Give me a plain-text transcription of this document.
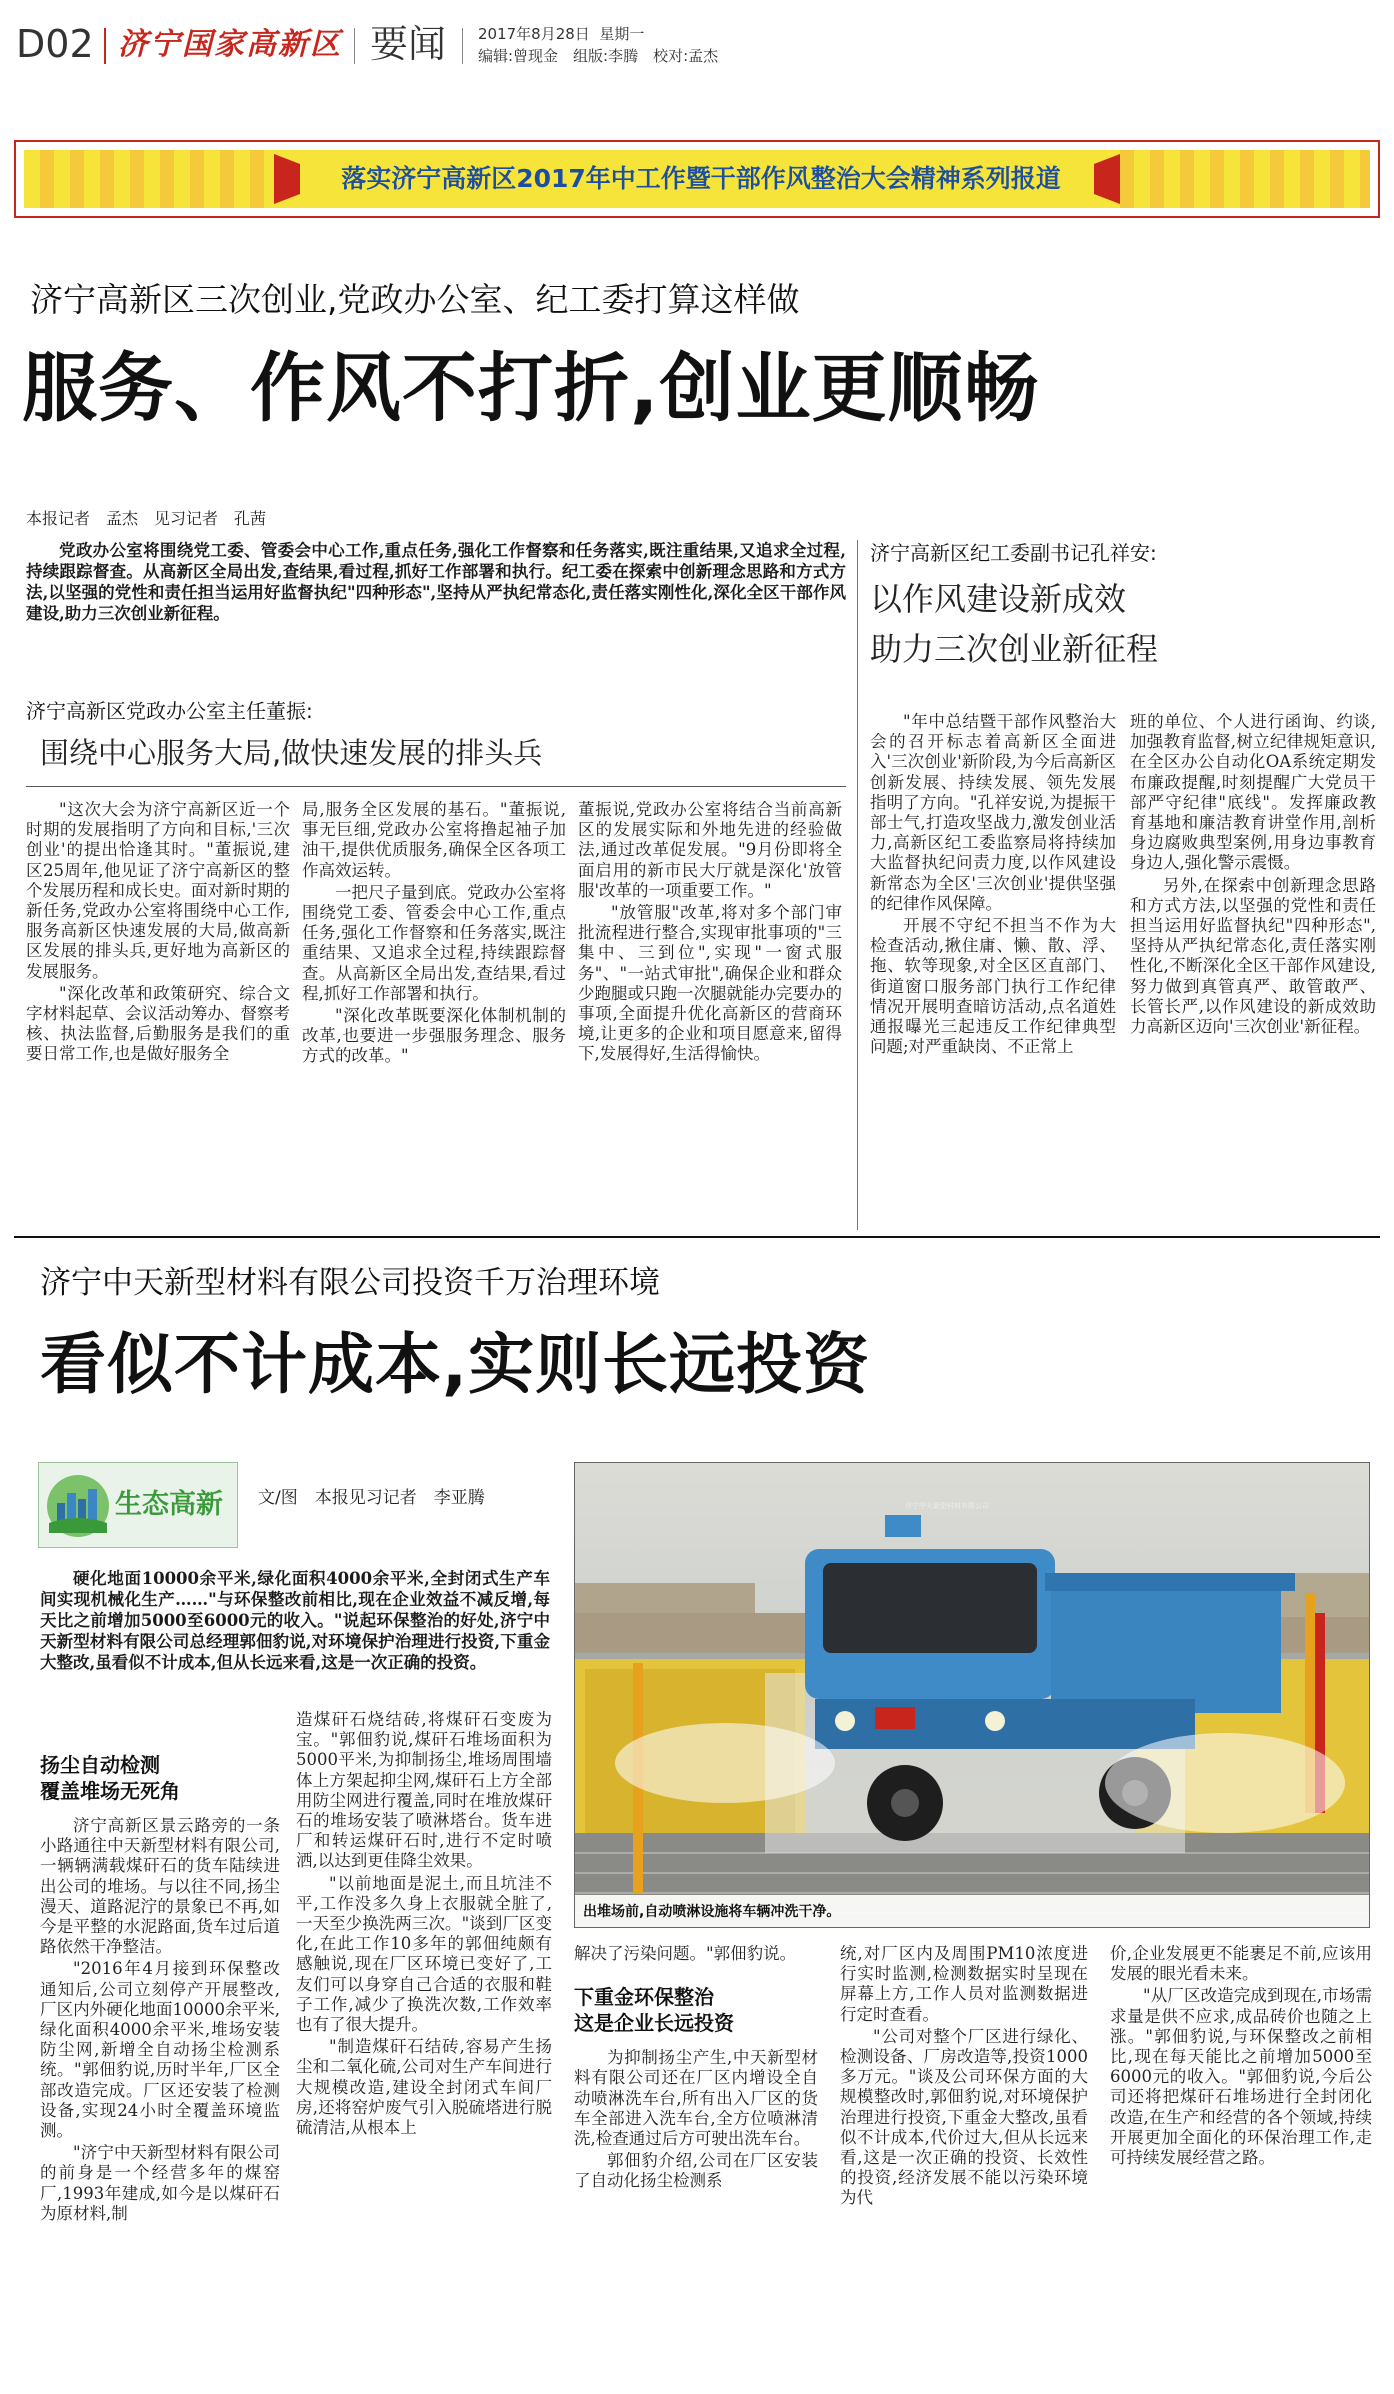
D02 济宁国家高新区 要闻 2017年8月28日 星期一
编辑:曾现金　组版:李腾　校对:孟杰
落实济宁高新区2017年中工作暨干部作风整治大会精神系列报道
济宁高新区三次创业,党政办公室、纪工委打算这样做
服务、作风不打折,创业更顺畅
本报记者　孟杰　见习记者　孔茜

党政办公室将围绕党工委、管委会中心工作,重点任务,强化工作督察和任务落实,既注重结果,又追求全过程,持续跟踪督查。从高新区全局出发,查结果,看过程,抓好工作部署和执行。纪工委在探索中创新理念思路和方式方法,以坚强的党性和责任担当运用好监督执纪"四种形态",坚持从严执纪常态化,责任落实刚性化,深化全区干部作风建设,助力三次创业新征程。

济宁高新区党政办公室主任董振:
围绕中心服务大局,做快速发展的排头兵
济宁高新区纪工委副书记孔祥安:
以作风建设新成效
助力三次创业新征程

"这次大会为济宁高新区近一个时期的发展指明了方向和目标,'三次创业'的提出恰逢其时。"董振说,建区25周年,他见证了济宁高新区的整个发展历程和成长史。面对新时期的新任务,党政办公室将围绕中心工作,服务高新区快速发展的大局,做高新区发展的排头兵,更好地为高新区的发展服务。

"深化改革和政策研究、综合文字材料起草、会议活动筹办、督察考核、执法监督,后勤服务是我们的重要日常工作,也是做好服务全

局,服务全区发展的基石。"董振说,事无巨细,党政办公室将撸起袖子加油干,提供优质服务,确保全区各项工作高效运转。

一把尺子量到底。党政办公室将围绕党工委、管委会中心工作,重点任务,强化工作督察和任务落实,既注重结果、又追求全过程,持续跟踪督查。从高新区全局出发,查结果,看过程,抓好工作部署和执行。

"深化改革既要深化体制机制的改革,也要进一步强服务理念、服务方式的改革。"

董振说,党政办公室将结合当前高新区的发展实际和外地先进的经验做法,通过改革促发展。"9月份即将全面启用的新市民大厅就是深化'放管服'改革的一项重要工作。"

"放管服"改革,将对多个部门审批流程进行整合,实现审批事项的"三集中、三到位",实现"一窗式服务"、"一站式审批",确保企业和群众少跑腿或只跑一次腿就能办完要办的事项,全面提升优化高新区的营商环境,让更多的企业和项目愿意来,留得下,发展得好,生活得愉快。

"年中总结暨干部作风整治大会的召开标志着高新区全面进入'三次创业'新阶段,为今后高新区创新发展、持续发展、领先发展指明了方向。"孔祥安说,为提振干部士气,打造攻坚战力,激发创业活力,高新区纪工委监察局将持续加大监督执纪问责力度,以作风建设新常态为全区'三次创业'提供坚强的纪律作风保障。

开展不守纪不担当不作为大检查活动,揪住庸、懒、散、浮、拖、软等现象,对全区区直部门、街道窗口服务部门执行工作纪律情况开展明查暗访活动,点名道姓通报曝光三起违反工作纪律典型问题;对严重缺岗、不正常上

班的单位、个人进行函询、约谈,加强教育监督,树立纪律规矩意识,在全区办公自动化OA系统定期发布廉政提醒,时刻提醒广大党员干部严守纪律"底线"。发挥廉政教育基地和廉洁教育讲堂作用,剖析身边腐败典型案例,用身边事教育身边人,强化警示震慑。

另外,在探索中创新理念思路和方式方法,以坚强的党性和责任担当运用好监督执纪"四种形态",坚持从严执纪常态化,责任落实刚性化,不断深化全区干部作风建设,努力做到真管真严、敢管敢严、长管长严,以作风建设的新成效助力高新区迈向'三次创业'新征程。

济宁中天新型材料有限公司投资千万治理环境
看似不计成本,实则长远投资
生态高新 文/图　本报见习记者　李亚腾

硬化地面10000余平米,绿化面积4000余平米,全封闭式生产车间实现机械化生产……"与环保整改前相比,现在企业效益不减反增,每天比之前增加5000至6000元的收入。"说起环保整治的好处,济宁中天新型材料有限公司总经理郭佃豹说,对环境保护治理进行投资,下重金大整改,虽看似不计成本,但从长远来看,这是一次正确的投资。

济宁中天新型材料有限公司
出堆场前,自动喷淋设施将车辆冲洗干净。
扬尘自动检测
覆盖堆场无死角

济宁高新区景云路旁的一条小路通往中天新型材料有限公司,一辆辆满载煤矸石的货车陆续进出公司的堆场。与以往不同,扬尘漫天、道路泥泞的景象已不再,如今是平整的水泥路面,货车过后道路依然干净整洁。

"2016年4月接到环保整改通知后,公司立刻停产开展整改,厂区内外硬化地面10000余平米,绿化面积4000余平米,堆场安装防尘网,新增全自动扬尘检测系统。"郭佃豹说,历时半年,厂区全部改造完成。厂区还安装了检测设备,实现24小时全覆盖环境监测。

"济宁中天新型材料有限公司的前身是一个经营多年的煤窑厂,1993年建成,如今是以煤矸石为原材料,制

造煤矸石烧结砖,将煤矸石变废为宝。"郭佃豹说,煤矸石堆场面积为5000平米,为抑制扬尘,堆场周围墙体上方架起抑尘网,煤矸石上方全部用防尘网进行覆盖,同时在堆放煤矸石的堆场安装了喷淋塔台。货车进厂和转运煤矸石时,进行不定时喷洒,以达到更佳降尘效果。

"以前地面是泥土,而且坑洼不平,工作没多久身上衣服就全脏了,一天至少换洗两三次。"谈到厂区变化,在此工作10多年的郭佃纯颇有感触说,现在厂区环境已变好了,工友们可以身穿自己合适的衣服和鞋子工作,减少了换洗次数,工作效率也有了很大提升。

"制造煤矸石结砖,容易产生扬尘和二氧化硫,公司对生产车间进行大规模改造,建设全封闭式车间厂房,还将窑炉废气引入脱硫塔进行脱硫清洁,从根本上

解决了污染问题。"郭佃豹说。

下重金环保整治
这是企业长远投资

为抑制扬尘产生,中天新型材料有限公司还在厂区内增设全自动喷淋洗车台,所有出入厂区的货车全部进入洗车台,全方位喷淋清洗,检查通过后方可驶出洗车台。

郭佃豹介绍,公司在厂区安装了自动化扬尘检测系

统,对厂区内及周围PM10浓度进行实时监测,检测数据实时呈现在屏幕上方,工作人员对监测数据进行定时查看。

"公司对整个厂区进行绿化、检测设备、厂房改造等,投资1000多万元。"谈及公司环保方面的大规模整改时,郭佃豹说,对环境保护治理进行投资,下重金大整改,虽看似不计成本,代价过大,但从长远来看,这是一次正确的投资、长效性的投资,经济发展不能以污染环境为代

价,企业发展更不能裹足不前,应该用发展的眼光看未来。

"从厂区改造完成到现在,市场需求量是供不应求,成品砖价也随之上涨。"郭佃豹说,与环保整改之前相比,现在每天能比之前增加5000至6000元的收入。"郭佃豹说,今后公司还将把煤矸石堆场进行全封闭化改造,在生产和经营的各个领域,持续开展更加全面化的环保治理工作,走可持续发展经营之路。
